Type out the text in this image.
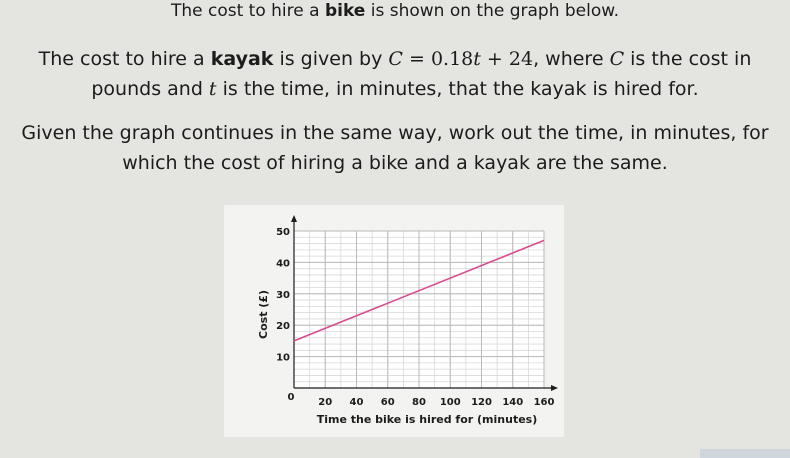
The cost to hire a bike is shown on the graph below.

The cost to hire a kayak is given by C = 0.18t + 24, where C is the cost in
pounds and t is the time, in minutes, that the kayak is hired for.

Given the graph continues in the same way, work out the time, in minutes, for
which the cost of hiring a bike and a kayak are the same.

0 20 40 60 80 100 120 140 160
10
20
30
40
50
Time the bike is hired for (minutes)
Cost (£)
